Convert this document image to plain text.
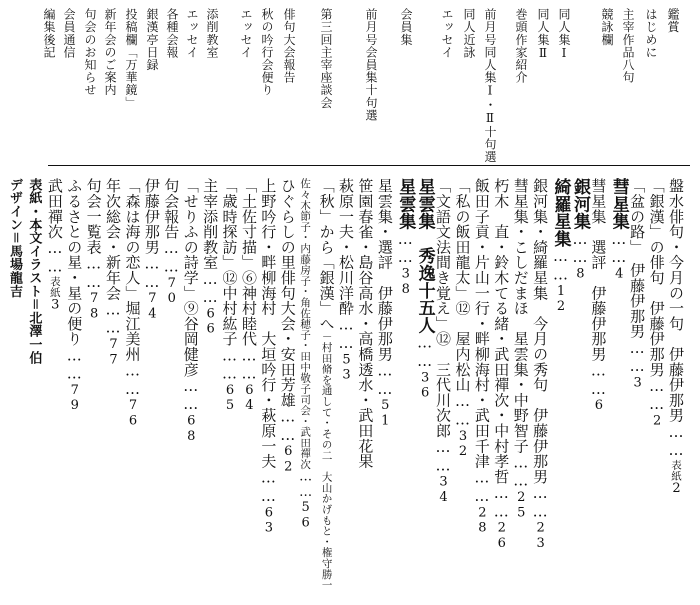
鑑賞
はじめに
主宰作品八句
競詠欄
同人集Ⅰ
同人集Ⅱ
巻頭作家紹介
前月号同人集Ⅰ・Ⅱ十句選
同人近詠
エッセイ
会員集
前月号会員集十句選
第三回主宰座談会
俳句大会報告
秋の吟行会便り
エッセイ
添削教室
エッセイ
各種会報
銀漢亭日録
投稿欄「万華鏡」
新年会のご案内
句会のお知らせ
会員通信
編集後記
盤水俳句・今月の一句　伊藤伊那男……表紙2
「銀漢」の俳句　伊藤伊那男……2
「盆の路」　伊藤伊那男……3
彗星集……4
彗星集　選評　伊藤伊那男……6
銀河集……8
綺羅星集……12
銀河集・綺羅星集　今月の秀句　伊藤伊那男……23
彗星集・こしだまほ　星雲集・中野智子……25
朽木　直・鈴木てる緒・武田禪次・中村孝哲……26
飯田子貢・片山一行・畔柳海村・武田千津……28
「私の飯田龍太」⑫　屋内松山……32
「文語文法間き覚え」⑫　三代川次郎……34
星雲集　秀逸十五人……36
星雲集……38
星雲集・選評　伊藤伊那男……51
笹園春雀・島谷高水・高橋透水・武田花果
萩原一夫・松川洋酔……53
「秋」から「銀漢」へ－村田脩を通して・その二　大山かげもと・権守勝一
佐々木節子・内藤房子・角佐穂子・田中敬子司会・武田禪次……56
ひぐらしの里俳句大会・安田芳雄……62
上野吟行・畔柳海村　大垣吟行・萩原一夫……63
「土佐寸描」⑥神村睦代……64
「歳時探訪」⑫中村紘子……65
主宰添削教室……66
「せりふの詩学」⑨谷岡健彦……68
句会報告……70
伊藤伊那男……74
「森は海の恋人」堀江美州……76
年次総会・新年会……77
句会一覧表……78
ふるさとの星・星の便り……79
武田禪次……表紙3
表紙・本文イラスト＝北澤一伯
デザイン＝馬場龍吉
